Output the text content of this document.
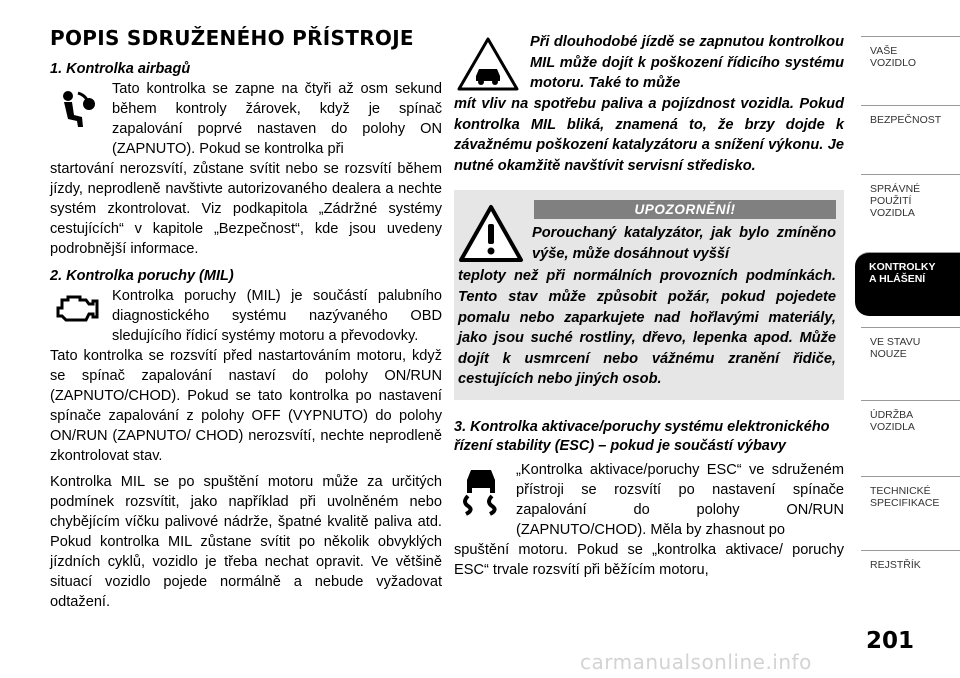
POPIS SDRUŽENÉHO PŘÍSTROJE

1. Kontrolka airbagů

Tato kontrolka se zapne na čtyři až osm sekund během kontroly žárovek, když je spínač zapalování poprvé nastaven do polohy ON (ZAPNUTO). Pokud se kontrolka při

startování nerozsvítí, zůstane svítit nebo se rozsvítí během jízdy, neprodleně navštivte autorizovaného dealera a nechte systém zkontrolovat. Viz podkapitola „Zádržné systémy cestujících“ v kapitole „Bezpečnost“, kde jsou uvedeny podrobnější informace.

2. Kontrolka poruchy (MIL)

Kontrolka poruchy (MIL) je součástí palubního diagnostického systému nazývaného OBD sledujícího řídicí systémy motoru a převodovky.

Tato kontrolka se rozsvítí před nastartováním motoru, když se spínač zapalování nastaví do polohy ON/RUN (ZAPNUTO/CHOD). Pokud se tato kontrolka po nastavení spínače zapalování z polohy OFF (VYPNUTO) do polohy ON/RUN (ZAPNUTO/ CHOD) nerozsvítí, nechte neprodleně zkontrolovat stav.

Kontrolka MIL se po spuštění motoru může za určitých podmínek rozsvítit, jako například při uvolněném nebo chybějícím víčku palivové nádrže, špatné kvalitě paliva atd. Pokud kontrolka MIL zůstane svítit po několik obvyklých jízdních cyklů, vozidlo je třeba nechat opravit. Ve většině situací vozidlo pojede normálně a nebude vyžadovat odtažení.

Při dlouhodobé jízdě se zapnutou kontrolkou MIL může dojít k poškození řídicího systému motoru. Také to může

mít vliv na spotřebu paliva a pojízdnost vozidla. Pokud kontrolka MIL bliká, znamená to, že brzy dojde k závažnému poškození katalyzátoru a snížení výkonu. Je nutné okamžitě navštívit servisní středisko.

UPOZORNĚNÍ!

Porouchaný katalyzátor, jak bylo zmíněno výše, může dosáhnout vyšší

teploty než při normálních provozních podmínkách. Tento stav může způsobit požár, pokud pojedete pomalu nebo zaparkujete nad hořlavými materiály, jako jsou suché rostliny, dřevo, lepenka apod. Může dojít k usmrcení nebo vážnému zranění řidiče, cestujících nebo jiných osob.

3. Kontrolka aktivace/poruchy systému elektronického řízení stability (ESC) – pokud je součástí výbavy

„Kontrolka aktivace/poruchy ESC“ ve sdruženém přístroji se rozsvítí po nastavení spínače zapalování do polohy ON/RUN (ZAPNUTO/CHOD). Měla by zhasnout po

spuštění motoru. Pokud se „kontrolka aktivace/ poruchy ESC“ trvale rozsvítí při běžícím motoru,

VAŠE
VOZIDLO
BEZPEČNOST
SPRÁVNÉ
POUŽITÍ
VOZIDLA
KONTROLKY
A HLÁŠENÍ
VE STAVU
NOUZE
ÚDRŽBA
VOZIDLA
TECHNICKÉ
SPECIFIKACE
REJSTŘÍK
201
carmanualsonline.info
